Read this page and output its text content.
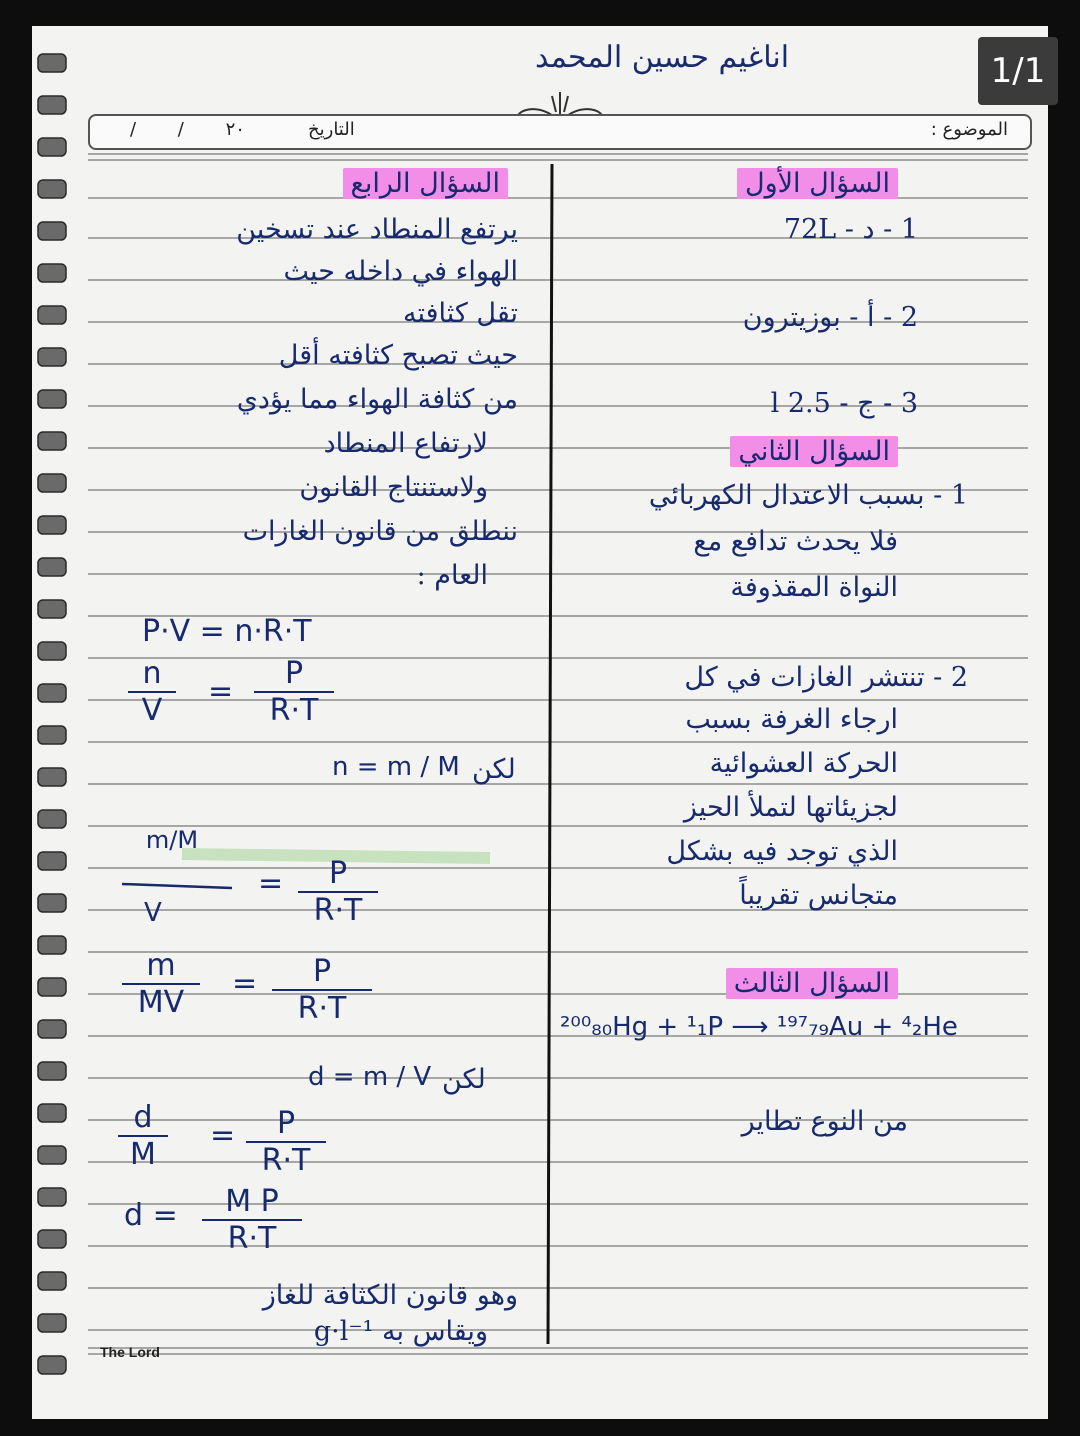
1/1
اناغيم حسين المحمد
الموضوع :
التاريخ
/ / ٢٠
السؤال الأول
1 - د - 72L
2 - أ - بوزيترون
3 - ج - 2.5 l
السؤال الثاني
1 - بسبب الاعتدال الكهربائي
فلا يحدث تدافع مع
النواة المقذوفة
2 - تنتشر الغازات في كل
ارجاء الغرفة بسبب
الحركة العشوائية
لجزيئاتها لتملأ الحيز
الذي توجد فيه بشكل
متجانس تقريباً
السؤال الثالث
²⁰⁰₈₀Hg + ¹₁P ⟶ ¹⁹⁷₇₉Au + ⁴₂He
من النوع تطاير
السؤال الرابع
يرتفع المنطاد عند تسخين
الهواء في داخله حيث
تقل كثافته
حيث تصبح كثافته أقل
من كثافة الهواء مما يؤدي
لارتفاع المنطاد
ولاستنتاج القانون
ننطلق من قانون الغازات
العام :
P·V = n·R·T
$\frac{n}{V} = \frac{P}{R\cdot T}$
لكن
n = m / M
m/M
V
= $\frac{P}{R\cdot T}$
$\frac{m}{MV} = \frac{P}{R\cdot T}$
لكن
d = m / V
$\frac{d}{M} = \frac{P}{R\cdot T}$
$d = \frac{\text{M P}}{R\cdot T}$
وهو قانون الكثافة للغاز
ويقاس به g·l⁻¹
The Lord
